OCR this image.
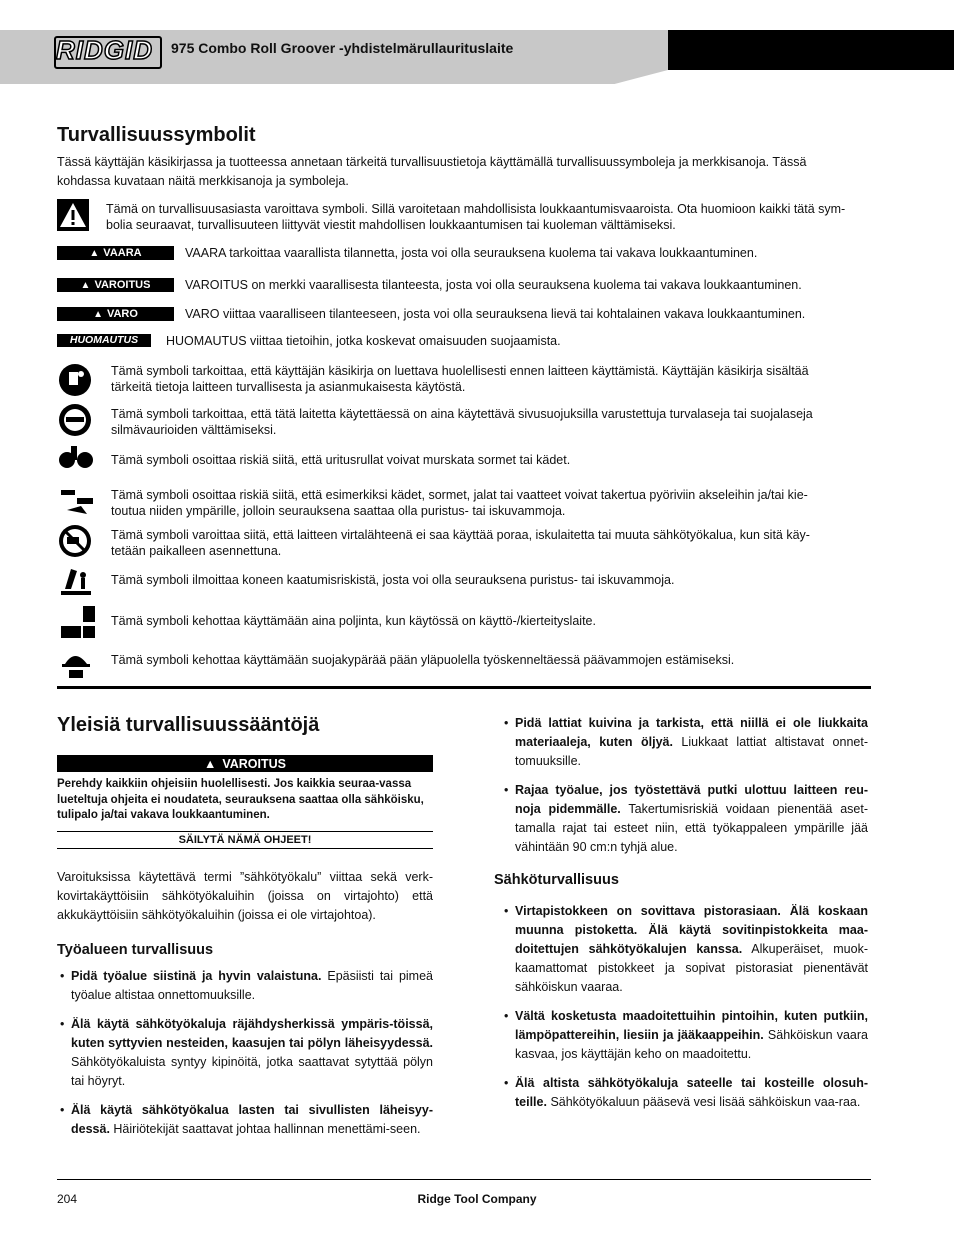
RIDGID 975 Combo Roll Groover -yhdistelmärullaurituslaite
Turvallisuussymbolit
Tässä käyttäjän käsikirjassa ja tuotteessa annetaan tärkeitä turvallisuustietoja käyttämällä turvallisuussymboleja ja merkkisanoja. Tässä
kohdassa kuvataan näitä merkkisanoja ja symboleja.
Tämä on turvallisuusasiasta varoittava symboli. Sillä varoitetaan mahdollisista loukkaantumisvaaroista. Ota huomioon kaikki tätä sym-
bolia seuraavat, turvallisuuteen liittyvät viestit mahdollisen loukkaantumisen tai kuoleman välttämiseksi.
▲ VAARA	VAARA tarkoittaa vaarallista tilannetta, josta voi olla seurauksena kuolema tai vakava loukkaantuminen.
▲ VAROITUS	VAROITUS on merkki vaarallisesta tilanteesta, josta voi olla seurauksena kuolema tai vakava loukkaantuminen.
▲ VARO	VARO viittaa vaaralliseen tilanteeseen, josta voi olla seurauksena lievä tai kohtalainen vakava loukkaantuminen.
HUOMAUTUS	HUOMAUTUS viittaa tietoihin, jotka koskevat omaisuuden suojaamista.
Tämä symboli tarkoittaa, että käyttäjän käsikirja on luettava huolellisesti ennen laitteen käyttämistä. Käyttäjän käsikirja sisältää
tärkeitä tietoja laitteen turvallisesta ja asianmukaisesta käytöstä.
Tämä symboli tarkoittaa, että tätä laitetta käytettäessä on aina käytettävä sivusuojuksilla varustettuja turvalaseja tai suojalaseja
silmävaurioiden välttämiseksi.
Tämä symboli osoittaa riskiä siitä, että uritusrullat voivat murskata sormet tai kädet.
Tämä symboli osoittaa riskiä siitä, että esimerkiksi kädet, sormet, jalat tai vaatteet voivat takertua pyöriviin akseleihin ja/tai kie-
toutua niiden ympärille, jolloin seurauksena saattaa olla puristus- tai iskuvammoja.
Tämä symboli varoittaa siitä, että laitteen virtalähteenä ei saa käyttää poraa, iskulaitetta tai muuta sähkötyökalua, kun sitä käy-
tetään paikalleen asennettuna.
Tämä symboli ilmoittaa koneen kaatumisriskistä, josta voi olla seurauksena puristus- tai iskuvammoja.
Tämä symboli kehottaa käyttämään aina poljinta, kun käytössä on käyttö-/kierteityslaite.
Tämä symboli kehottaa käyttämään suojakypärää pään yläpuolella työskenneltäessä päävammojen estämiseksi.
Yleisiä turvallisuussääntöjä
▲ VAROITUS
Perehdy kaikkiin ohjeisiin huolellisesti. Jos kaikkia seuraa-vassa lueteltuja ohjeita ei noudateta, seurauksena saattaa olla sähköisku, tulipalo ja/tai vakava loukkaantuminen.
SÄILYTÄ NÄMÄ OHJEET!
Varoituksissa käytettävä termi ”sähkötyökalu” viittaa sekä verk-kovirtakäyttöisiin sähkötyökaluihin (joissa on virtajohto) että akkukäyttöisiin sähkötyökaluihin (joissa ei ole virtajohtoa).
Työalueen turvallisuus
• Pidä työalue siistinä ja hyvin valaistuna. Epäsiisti tai pimeä työalue altistaa onnettomuuksille.
• Älä käytä sähkötyökaluja räjähdysherkissä ympäris-töissä, kuten syttyvien nesteiden, kaasujen tai pölyn läheisyydessä. Sähkötyökaluista syntyy kipinöitä, jotka saattavat sytyttää pölyn tai höyryt.
• Älä käytä sähkötyökalua lasten tai sivullisten läheisyy-dessä. Häiriötekijät saattavat johtaa hallinnan menettämi-seen.
• Pidä lattiat kuivina ja tarkista, että niillä ei ole liukkaita materiaaleja, kuten öljyä. Liukkaat lattiat altistavat onnet-tomuuksille.
• Rajaa työalue, jos työstettävä putki ulottuu laitteen reu-noja pidemmälle. Takertumisriskiä voidaan pienentää aset-tamalla rajat tai esteet niin, että työkappaleen ympärille jää vähintään 90 cm:n tyhjä alue.
Sähköturvallisuus
• Virtapistokkeen on sovittava pistorasiaan. Älä koskaan muunna pistoketta. Älä käytä sovitinpistokkeita maa-doitettujen sähkötyökalujen kanssa. Alkuperäiset, muok-kaamattomat pistokkeet ja sopivat pistorasiat pienentävät sähköiskun vaaraa.
• Vältä kosketusta maadoitettuihin pintoihin, kuten putkiin, lämpöpattereihin, liesiin ja jääkaappeihin. Sähköiskun vaara kasvaa, jos käyttäjän keho on maadoitettu.
• Älä altista sähkötyökaluja sateelle tai kosteille olosuh-teille. Sähkötyökaluun pääsevä vesi lisää sähköiskun vaa-raa.
204	Ridge Tool Company
